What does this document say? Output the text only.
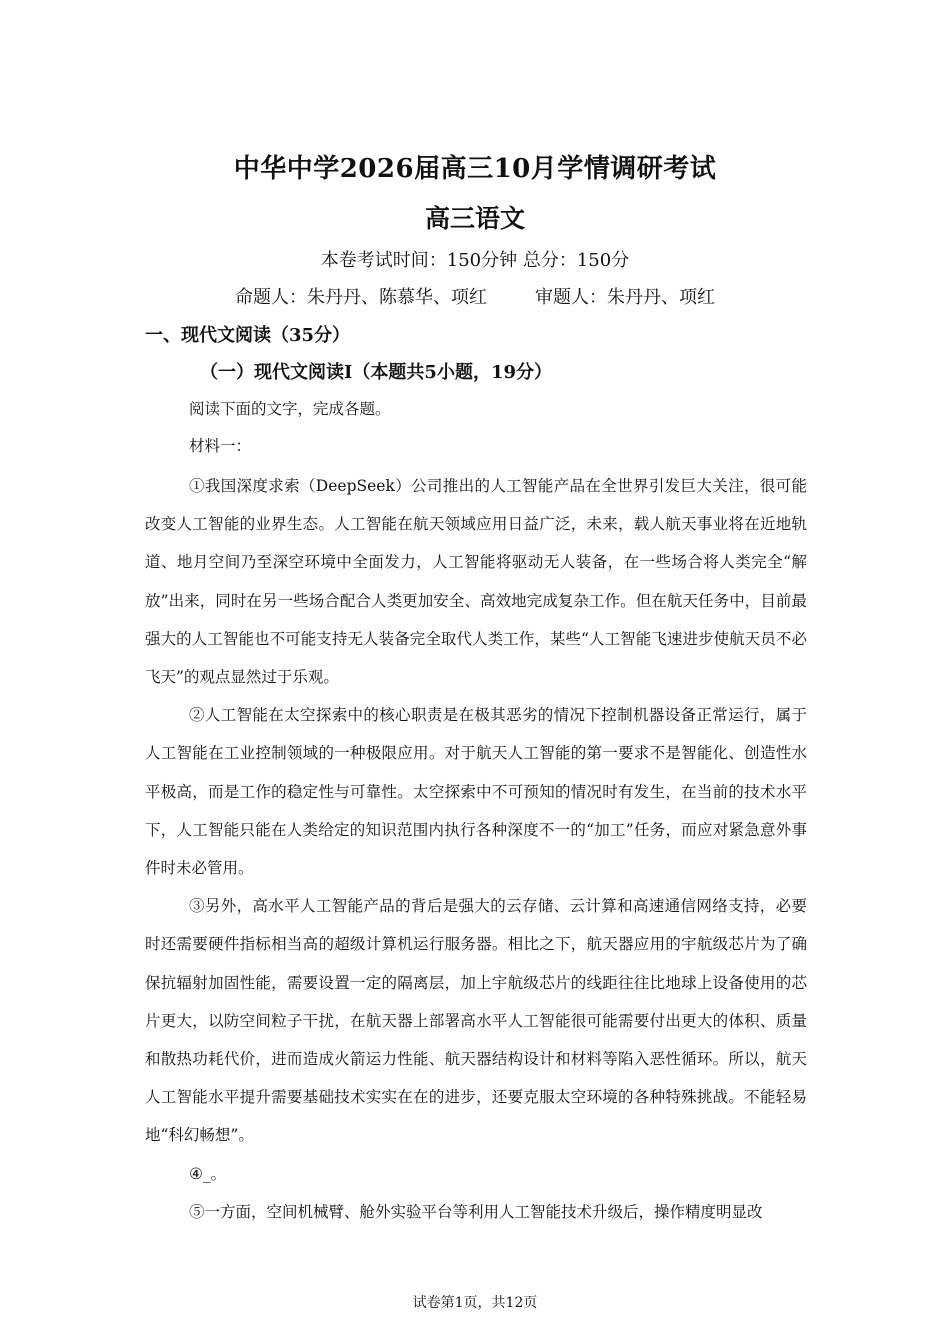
中华中学2026届高三10月学情调研考试
高三语文
本卷考试时间：150分钟 总分：150分
命题人：朱丹丹、陈慕华、项红	审题人：朱丹丹、项红
一、现代文阅读（35分）
（一）现代文阅读I（本题共5小题，19分）
阅读下面的文字，完成各题。
材料一：

①我国深度求索（DeepSeek）公司推出的人工智能产品在全世界引发巨大关注，很可能改变人工智能的业界生态。人工智能在航天领域应用日益广泛，未来，载人航天事业将在近地轨道、地月空间乃至深空环境中全面发力，人工智能将驱动无人装备，在一些场合将人类完全“解放”出来，同时在另一些场合配合人类更加安全、高效地完成复杂工作。但在航天任务中，目前最强大的人工智能也不可能支持无人装备完全取代人类工作，某些“人工智能飞速进步使航天员不必飞天”的观点显然过于乐观。

②人工智能在太空探索中的核心职责是在极其恶劣的情况下控制机器设备正常运行，属于人工智能在工业控制领域的一种极限应用。对于航天人工智能的第一要求不是智能化、创造性水平极高，而是工作的稳定性与可靠性。太空探索中不可预知的情况时有发生，在当前的技术水平下，人工智能只能在人类给定的知识范围内执行各种深度不一的“加工”任务，而应对紧急意外事件时未必管用。

③另外，高水平人工智能产品的背后是强大的云存储、云计算和高速通信网络支持，必要时还需要硬件指标相当高的超级计算机运行服务器。相比之下，航天器应用的宇航级芯片为了确保抗辐射加固性能，需要设置一定的隔离层，加上宇航级芯片的线距往往比地球上设备使用的芯片更大，以防空间粒子干扰，在航天器上部署高水平人工智能很可能需要付出更大的体积、质量和散热功耗代价，进而造成火箭运力性能、航天器结构设计和材料等陷入恶性循环。所以，航天人工智能水平提升需要基础技术实实在在的进步，还要克服太空环境的各种特殊挑战。不能轻易地“科幻畅想”。

④_。

⑤一方面，空间机械臂、舱外实验平台等利用人工智能技术升级后，操作精度明显改

试卷第1页，共12页
